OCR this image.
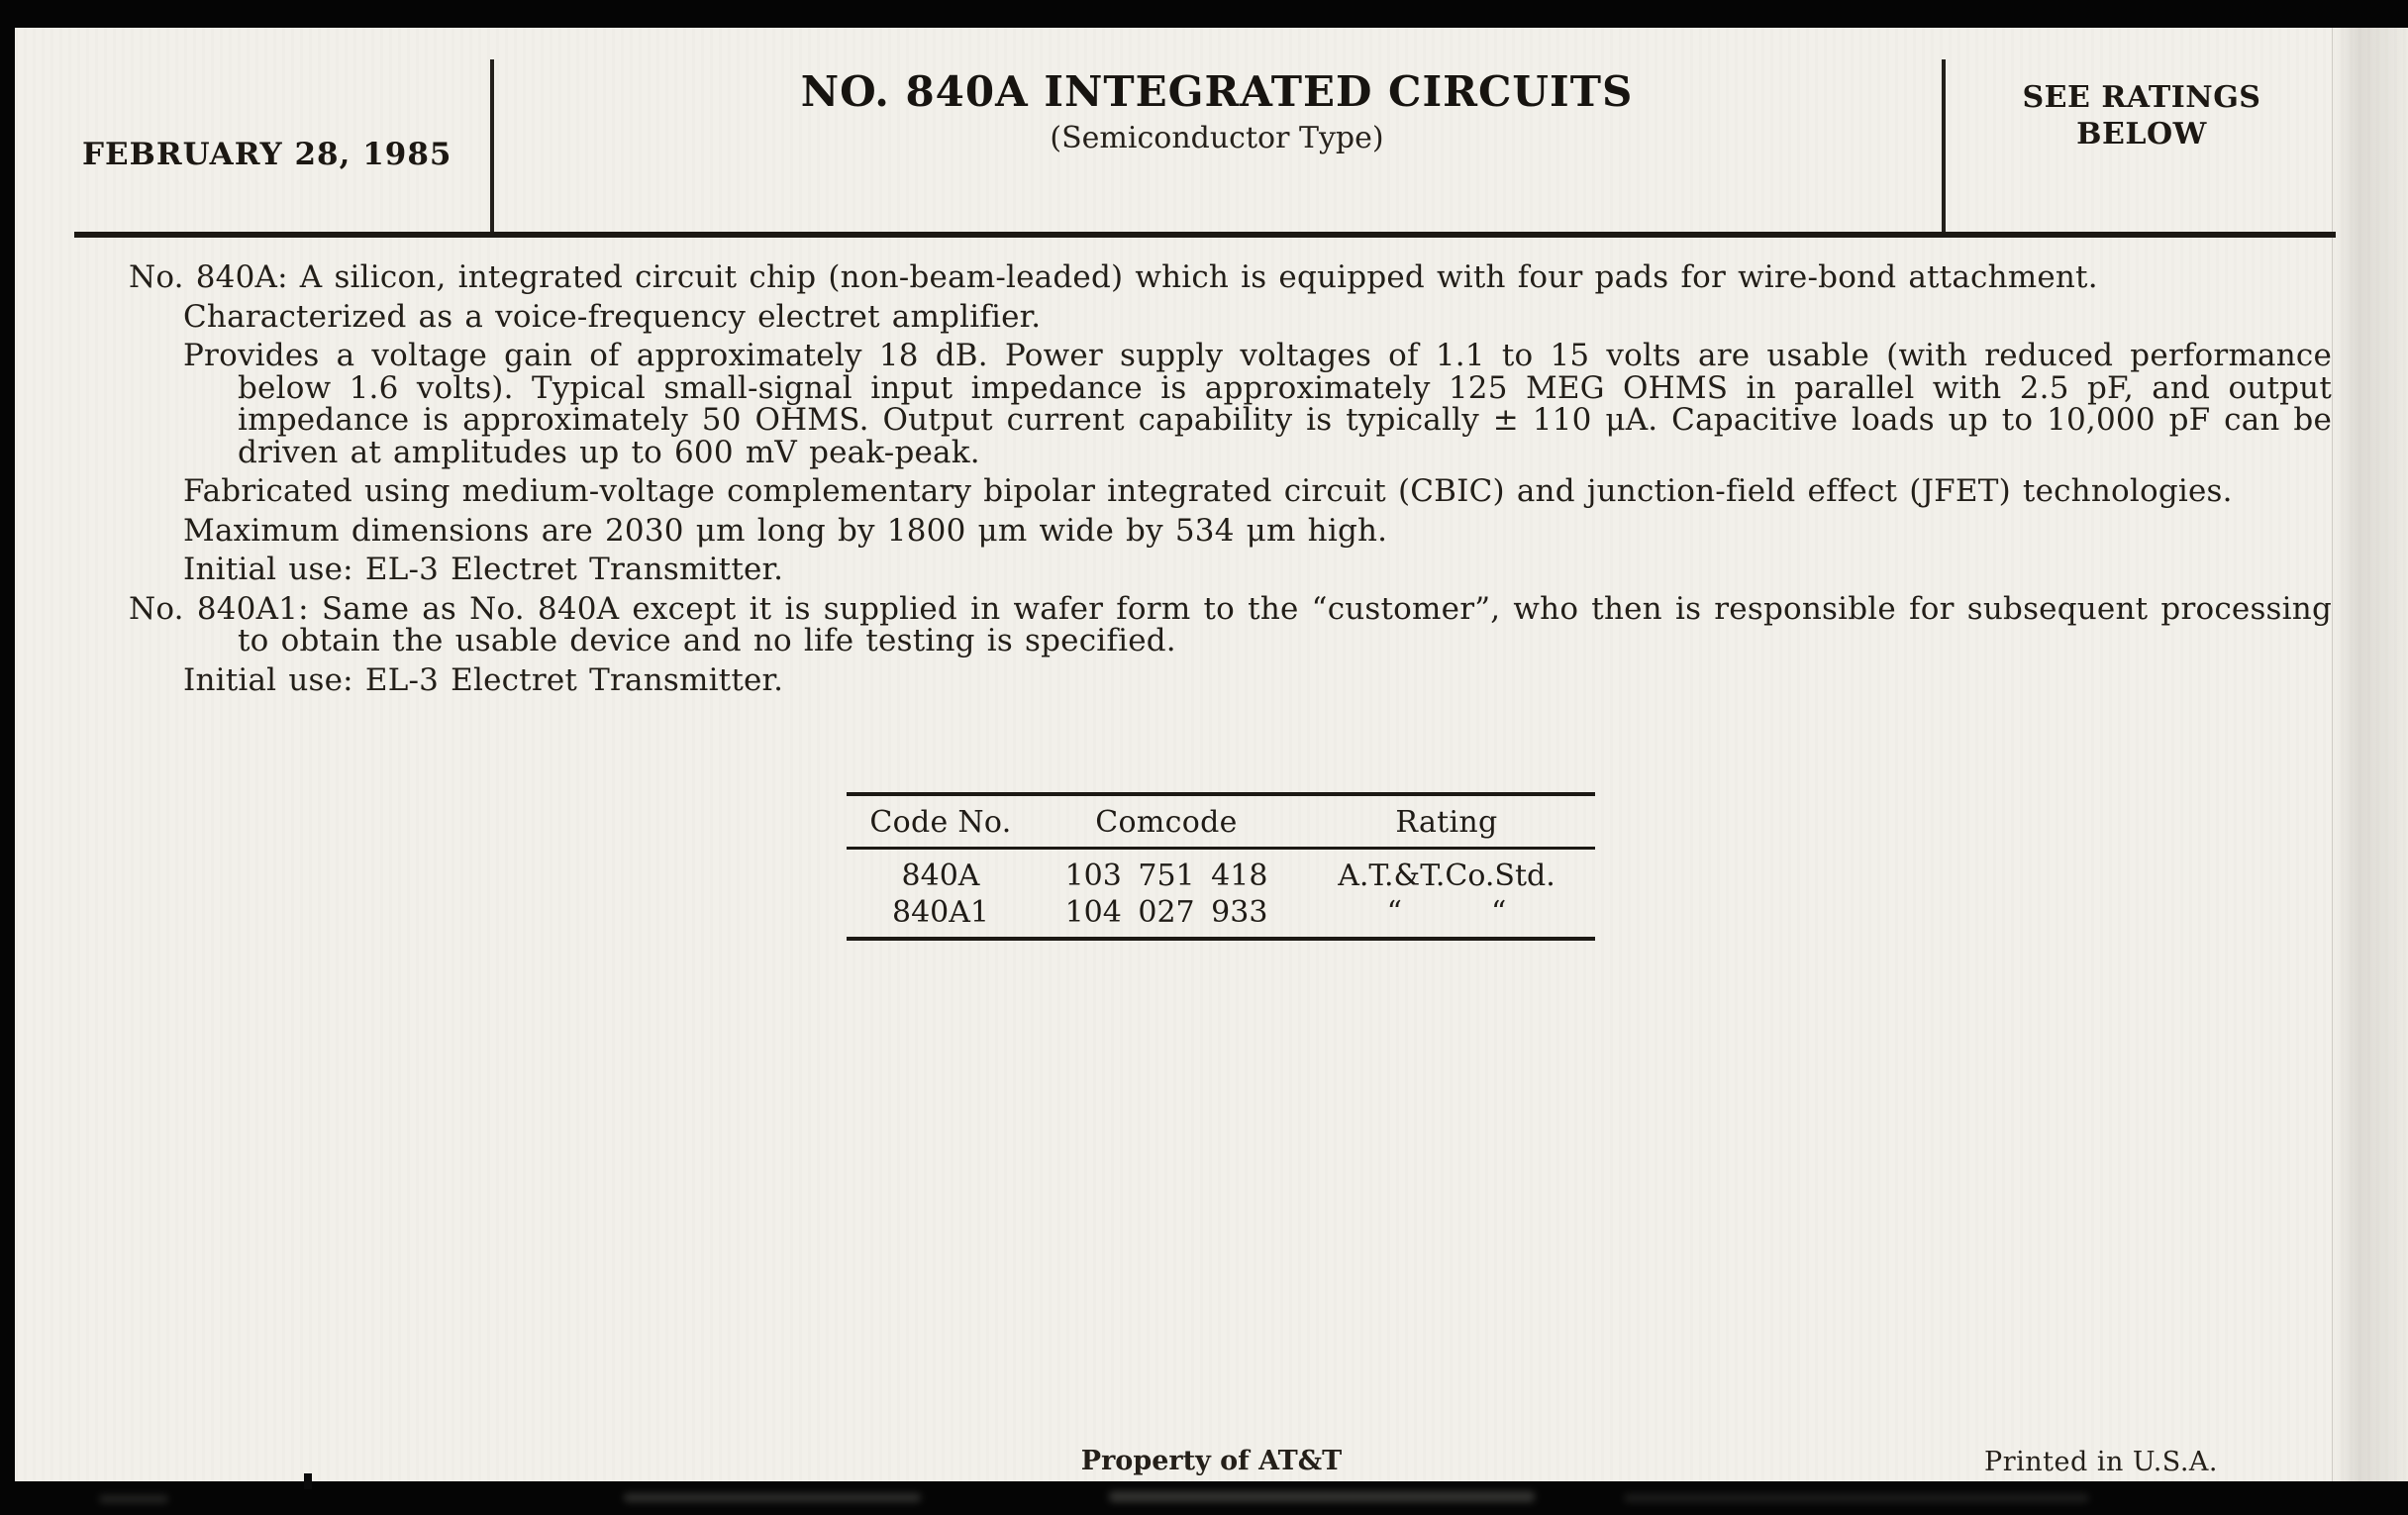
FEBRUARY 28, 1985
NO. 840A INTEGRATED CIRCUITS
(Semiconductor Type)
SEE RATINGS
BELOW

No. 840A: A silicon, integrated circuit chip (non-beam-leaded) which is equipped with four pads for wire-bond attachment.

Characterized as a voice-frequency electret amplifier.

Provides a voltage gain of approximately 18 dB. Power supply voltages of 1.1 to 15 volts are usable (with reduced performance below 1.6 volts). Typical small-signal input impedance is approximately 125 MEG OHMS in parallel with 2.5 pF, and output impedance is approximately 50 OHMS. Output current capability is typically ± 110 μA. Capacitive loads up to 10,000 pF can be driven at amplitudes up to 600 mV peak-peak.

Fabricated using medium-voltage complementary bipolar integrated circuit (CBIC) and junction-field effect (JFET) technologies.

Maximum dimensions are 2030 μm long by 1800 μm wide by 534 μm high.

Initial use: EL-3 Electret Transmitter.

No. 840A1: Same as No. 840A except it is supplied in wafer form to the “customer”, who then is responsible for subsequent processing to obtain the usable device and no life testing is specified.

Initial use: EL-3 Electret Transmitter.

Code No.	Comcode	Rating
840A	103 751 418	A.T.&T.Co.Std.
840A1	104 027 933	“   “
Property of AT&T	Printed in U.S.A.
